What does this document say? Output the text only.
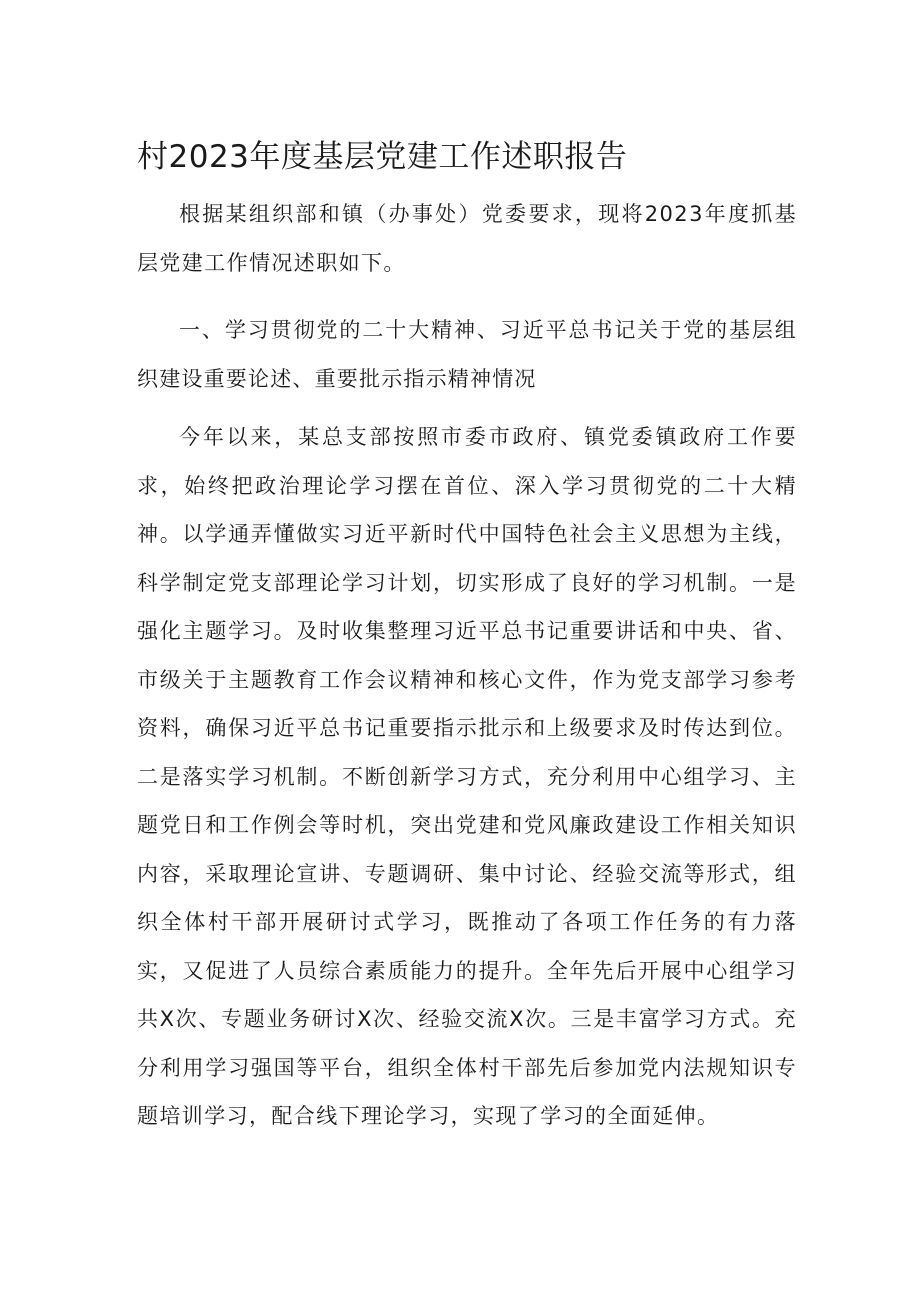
村2023年度基层党建工作述职报告

根据某组织部和镇（办事处）党委要求，现将2023年度抓基层党建工作情况述职如下。

一、学习贯彻党的二十大精神、习近平总书记关于党的基层组织建设重要论述、重要批示指示精神情况

今年以来，某总支部按照市委市政府、镇党委镇政府工作要求，始终把政治理论学习摆在首位、深入学习贯彻党的二十大精神。以学通弄懂做实习近平新时代中国特色社会主义思想为主线，科学制定党支部理论学习计划，切实形成了良好的学习机制。一是强化主题学习。及时收集整理习近平总书记重要讲话和中央、省、市级关于主题教育工作会议精神和核心文件，作为党支部学习参考资料，确保习近平总书记重要指示批示和上级要求及时传达到位。二是落实学习机制。不断创新学习方式，充分利用中心组学习、主题党日和工作例会等时机，突出党建和党风廉政建设工作相关知识内容，采取理论宣讲、专题调研、集中讨论、经验交流等形式，组织全体村干部开展研讨式学习，既推动了各项工作任务的有力落实，又促进了人员综合素质能力的提升。全年先后开展中心组学习共X次、专题业务研讨X次、经验交流X次。三是丰富学习方式。充分利用学习强国等平台，组织全体村干部先后参加党内法规知识专题培训学习，配合线下理论学习，实现了学习的全面延伸。
